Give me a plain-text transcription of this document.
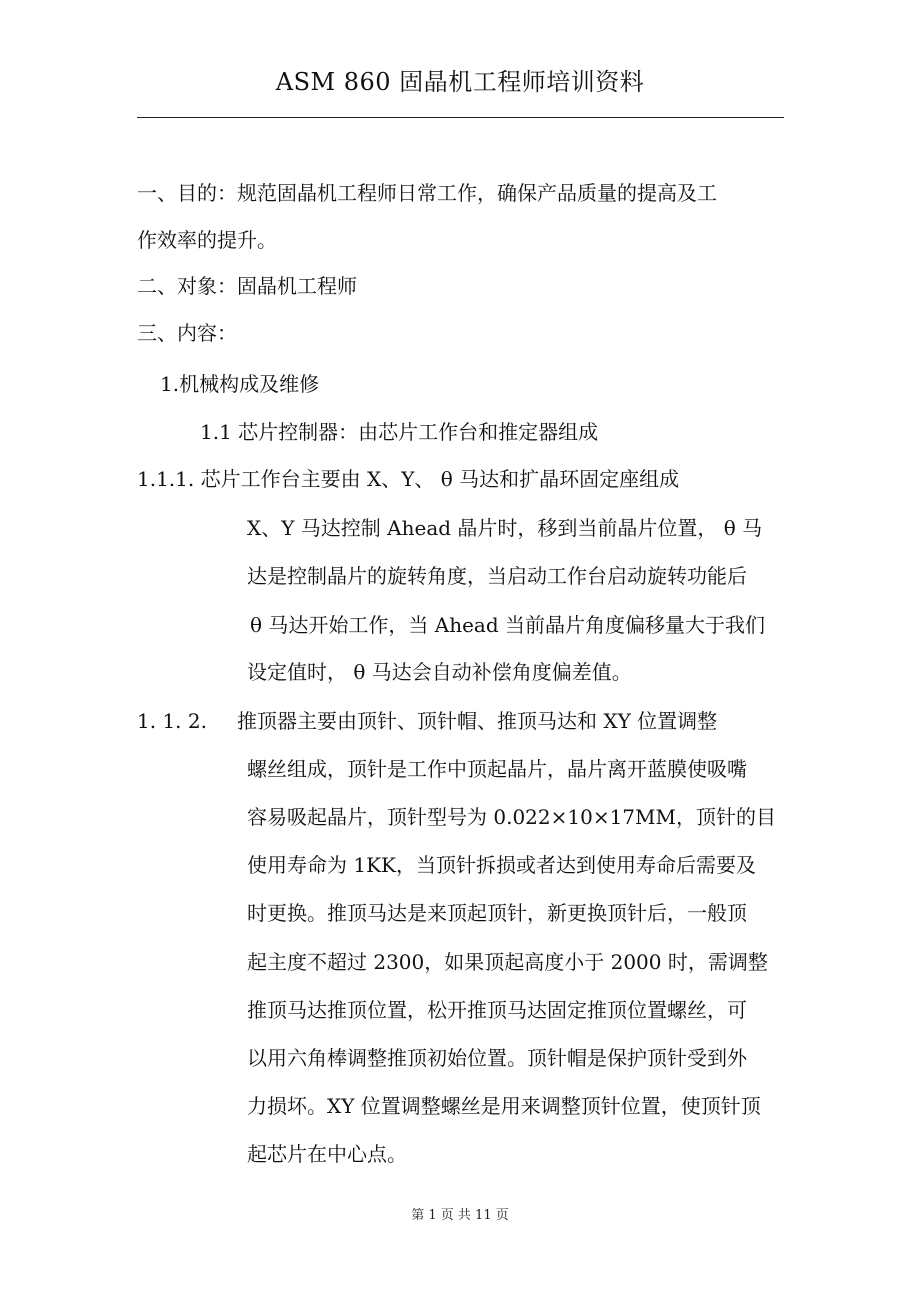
ASM 860 固晶机工程师培训资料

一、目的：规范固晶机工程师日常工作，确保产品质量的提高及工

作效率的提升。

二、对象：固晶机工程师

三、内容：

1.机械构成及维修

1.1 芯片控制器：由芯片工作台和推定器组成

1.1.1. 芯片工作台主要由 X、Y、 θ 马达和扩晶环固定座组成

X、Y 马达控制 Ahead 晶片时，移到当前晶片位置， θ 马

达是控制晶片的旋转角度，当启动工作台启动旋转功能后

θ 马达开始工作，当 Ahead 当前晶片角度偏移量大于我们

设定值时， θ 马达会自动补偿角度偏差值。

1. 1. 2. 推顶器主要由顶针、顶针帽、推顶马达和 XY 位置调整

螺丝组成，顶针是工作中顶起晶片，晶片离开蓝膜使吸嘴

容易吸起晶片，顶针型号为 0.022×10×17MM，顶针的目

使用寿命为 1KK，当顶针拆损或者达到使用寿命后需要及

时更换。推顶马达是来顶起顶针，新更换顶针后，一般顶

起主度不超过 2300，如果顶起高度小于 2000 时，需调整

推顶马达推顶位置，松开推顶马达固定推顶位置螺丝，可

以用六角棒调整推顶初始位置。顶针帽是保护顶针受到外

力损坏。XY 位置调整螺丝是用来调整顶针位置，使顶针顶

起芯片在中心点。

第 1 页 共 11 页
